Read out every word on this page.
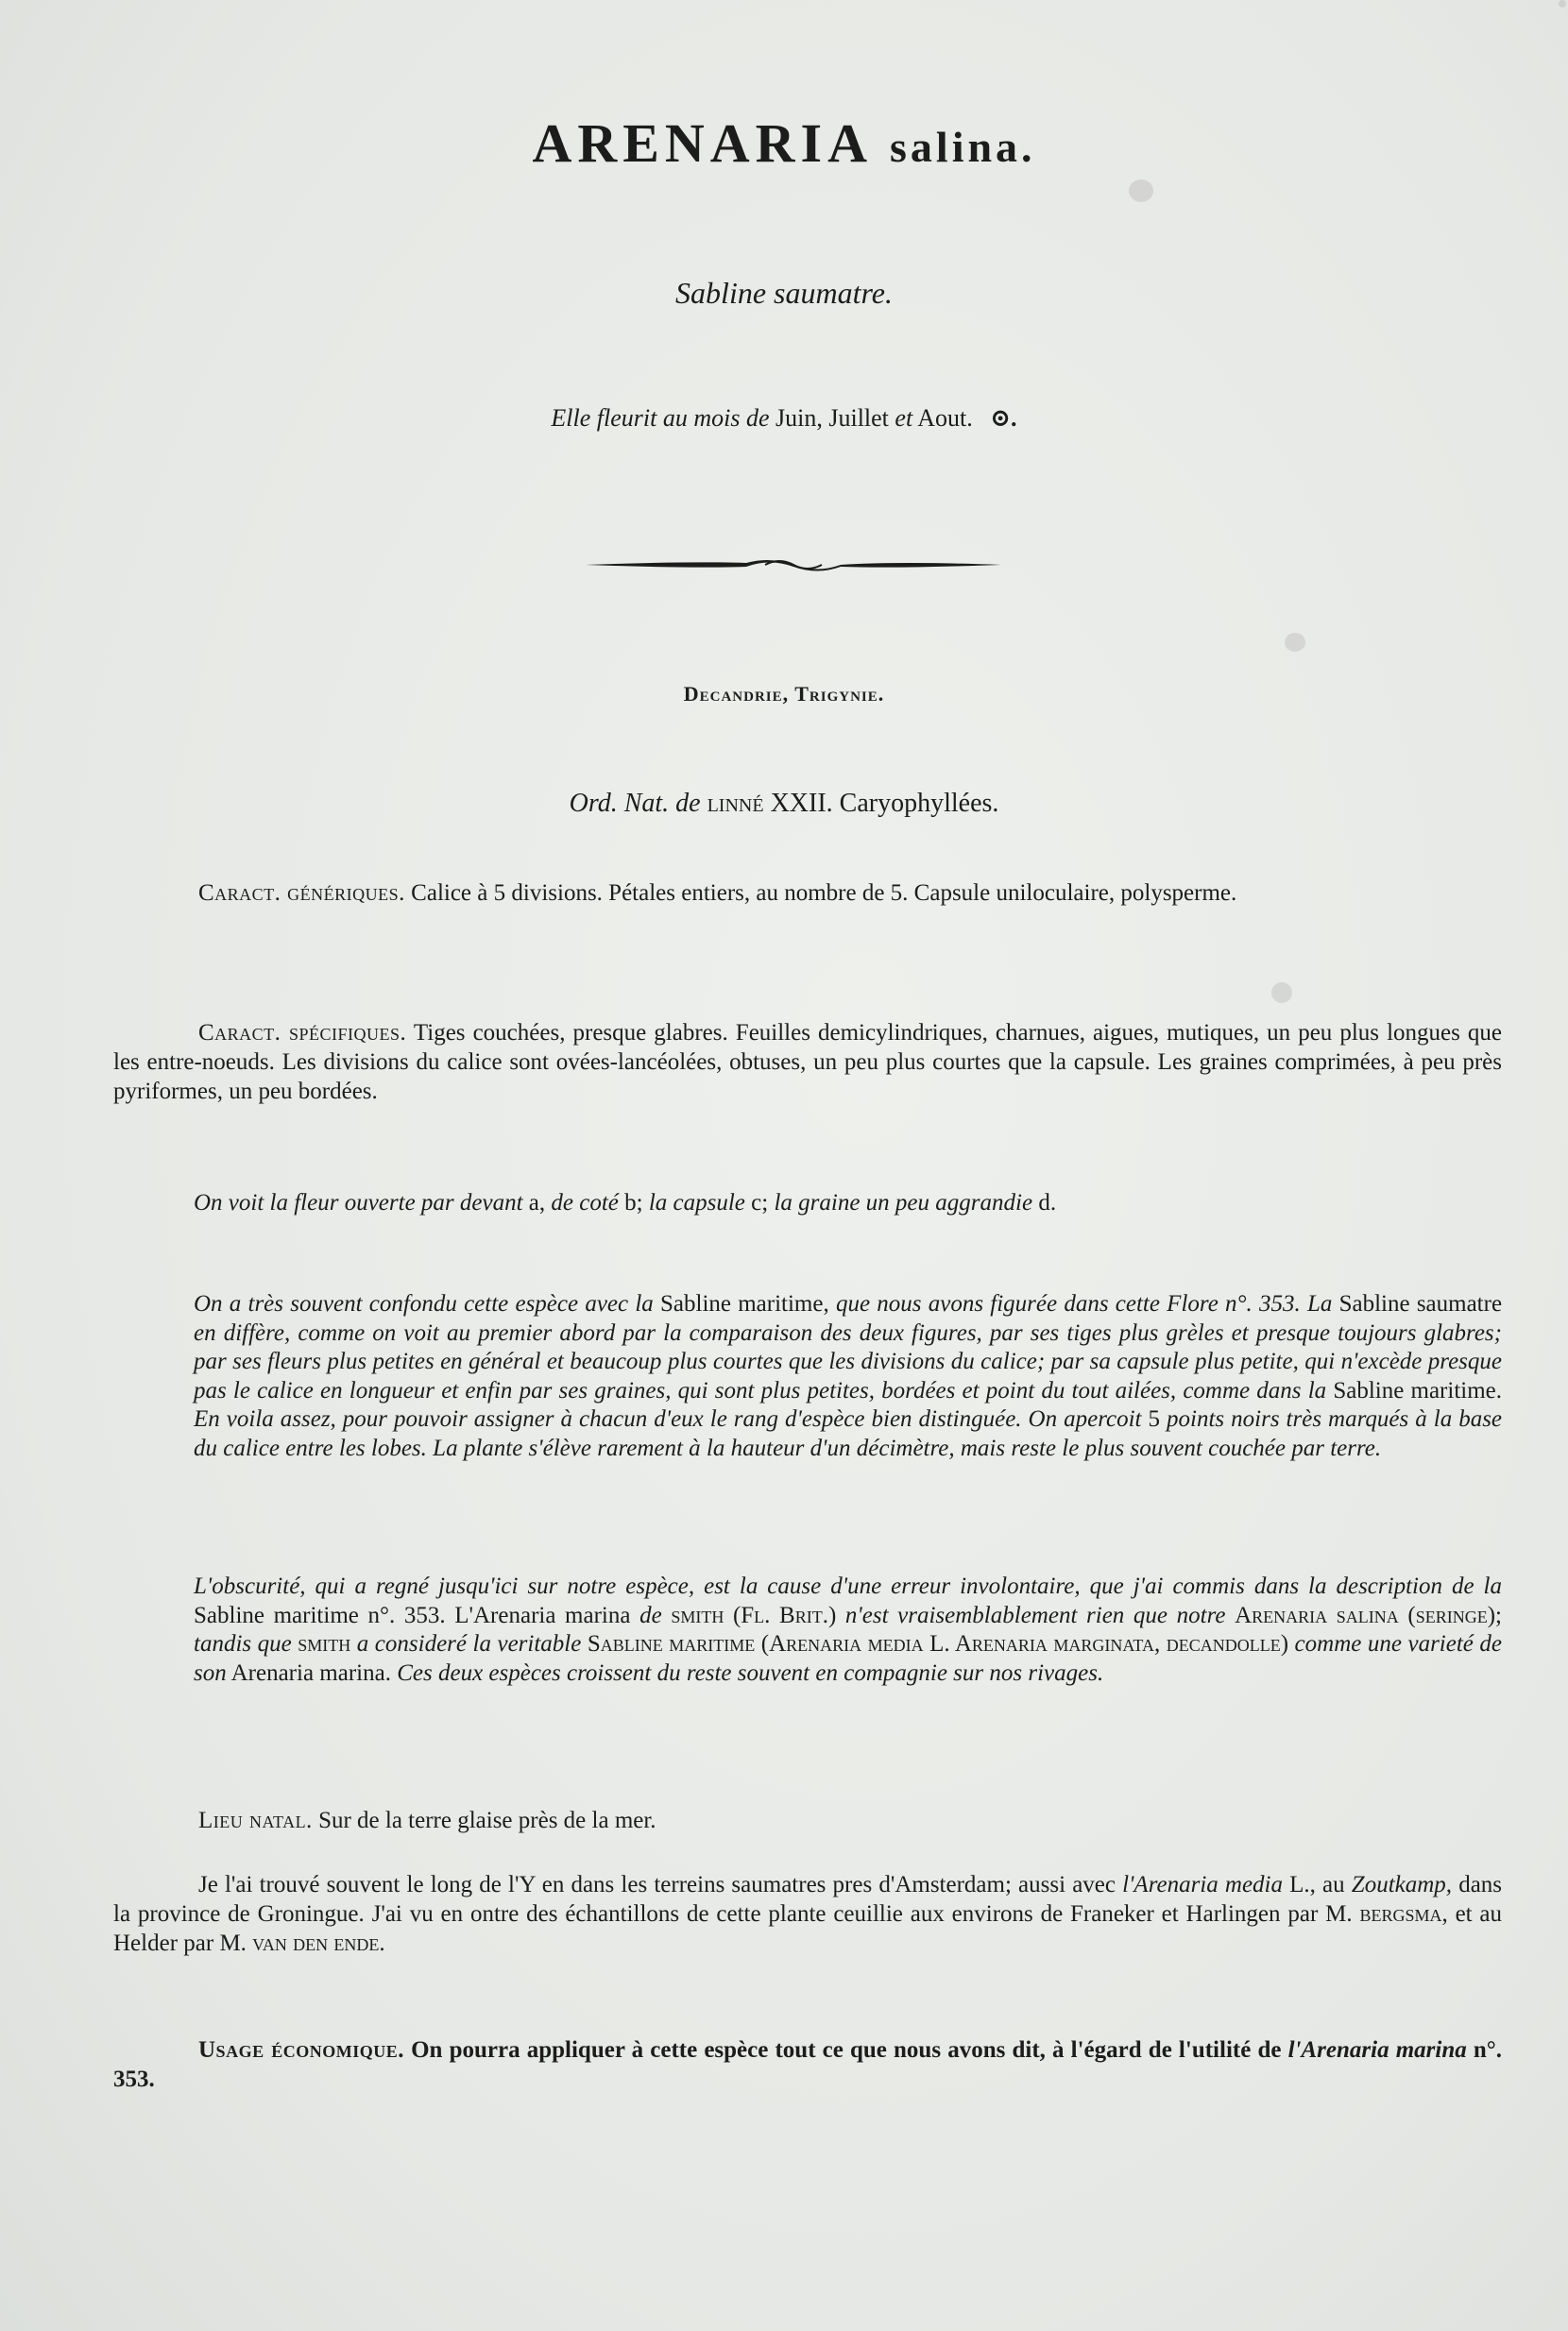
ARENARIA salina.
Sabline saumatre.
Elle fleurit au mois de Juin, Juillet et Aout. ⊙.
Decandrie, Trigynie.
Ord. Nat. de linné XXII. Caryophyllées.
Caract. génériques. Calice à 5 divisions. Pétales entiers, au nombre de 5. Capsule uniloculaire, polysperme.
Caract. spécifiques. Tiges couchées, presque glabres. Feuilles demicylindriques, charnues, aigues, mutiques, un peu plus longues que les entre-noeuds. Les divisions du calice sont ovées-lancéolées, obtuses, un peu plus courtes que la capsule. Les graines comprimées, à peu près pyriformes, un peu bordées.
On voit la fleur ouverte par devant a, de coté b; la capsule c; la graine un peu aggrandie d.
On a très souvent confondu cette espèce avec la Sabline maritime, que nous avons figurée dans cette Flore n°. 353. La Sabline saumatre en diffère, comme on voit au premier abord par la comparaison des deux figures, par ses tiges plus grèles et presque toujours glabres; par ses fleurs plus petites en général et beaucoup plus courtes que les divisions du calice; par sa capsule plus petite, qui n'excède presque pas le calice en longueur et enfin par ses graines, qui sont plus petites, bordées et point du tout ailées, comme dans la Sabline maritime. En voila assez, pour pouvoir assigner à chacun d'eux le rang d'espèce bien distinguée. On apercoit 5 points noirs très marqués à la base du calice entre les lobes. La plante s'élève rarement à la hauteur d'un décimètre, mais reste le plus souvent couchée par terre.
L'obscurité, qui a regné jusqu'ici sur notre espèce, est la cause d'une erreur involontaire, que j'ai commis dans la description de la Sabline maritime n°. 353. L'Arenaria marina de smith (Fl. Brit.) n'est vraisemblablement rien que notre Arenaria salina (seringe); tandis que smith a consideré la veritable Sabline maritime (Arenaria media L. Arenaria marginata, decandolle) comme une varieté de son Arenaria marina. Ces deux espèces croissent du reste souvent en compagnie sur nos rivages.
Lieu natal. Sur de la terre glaise près de la mer.
Je l'ai trouvé souvent le long de l'Y en dans les terreins saumatres pres d'Amsterdam; aussi avec l'Arenaria media L., au Zoutkamp, dans la province de Groningue. J'ai vu en ontre des échantillons de cette plante ceuillie aux environs de Franeker et Harlingen par M. bergsma, et au Helder par M. van den ende.
Usage économique. On pourra appliquer à cette espèce tout ce que nous avons dit, à l'égard de l'utilité de l'Arenaria marina n°. 353.
